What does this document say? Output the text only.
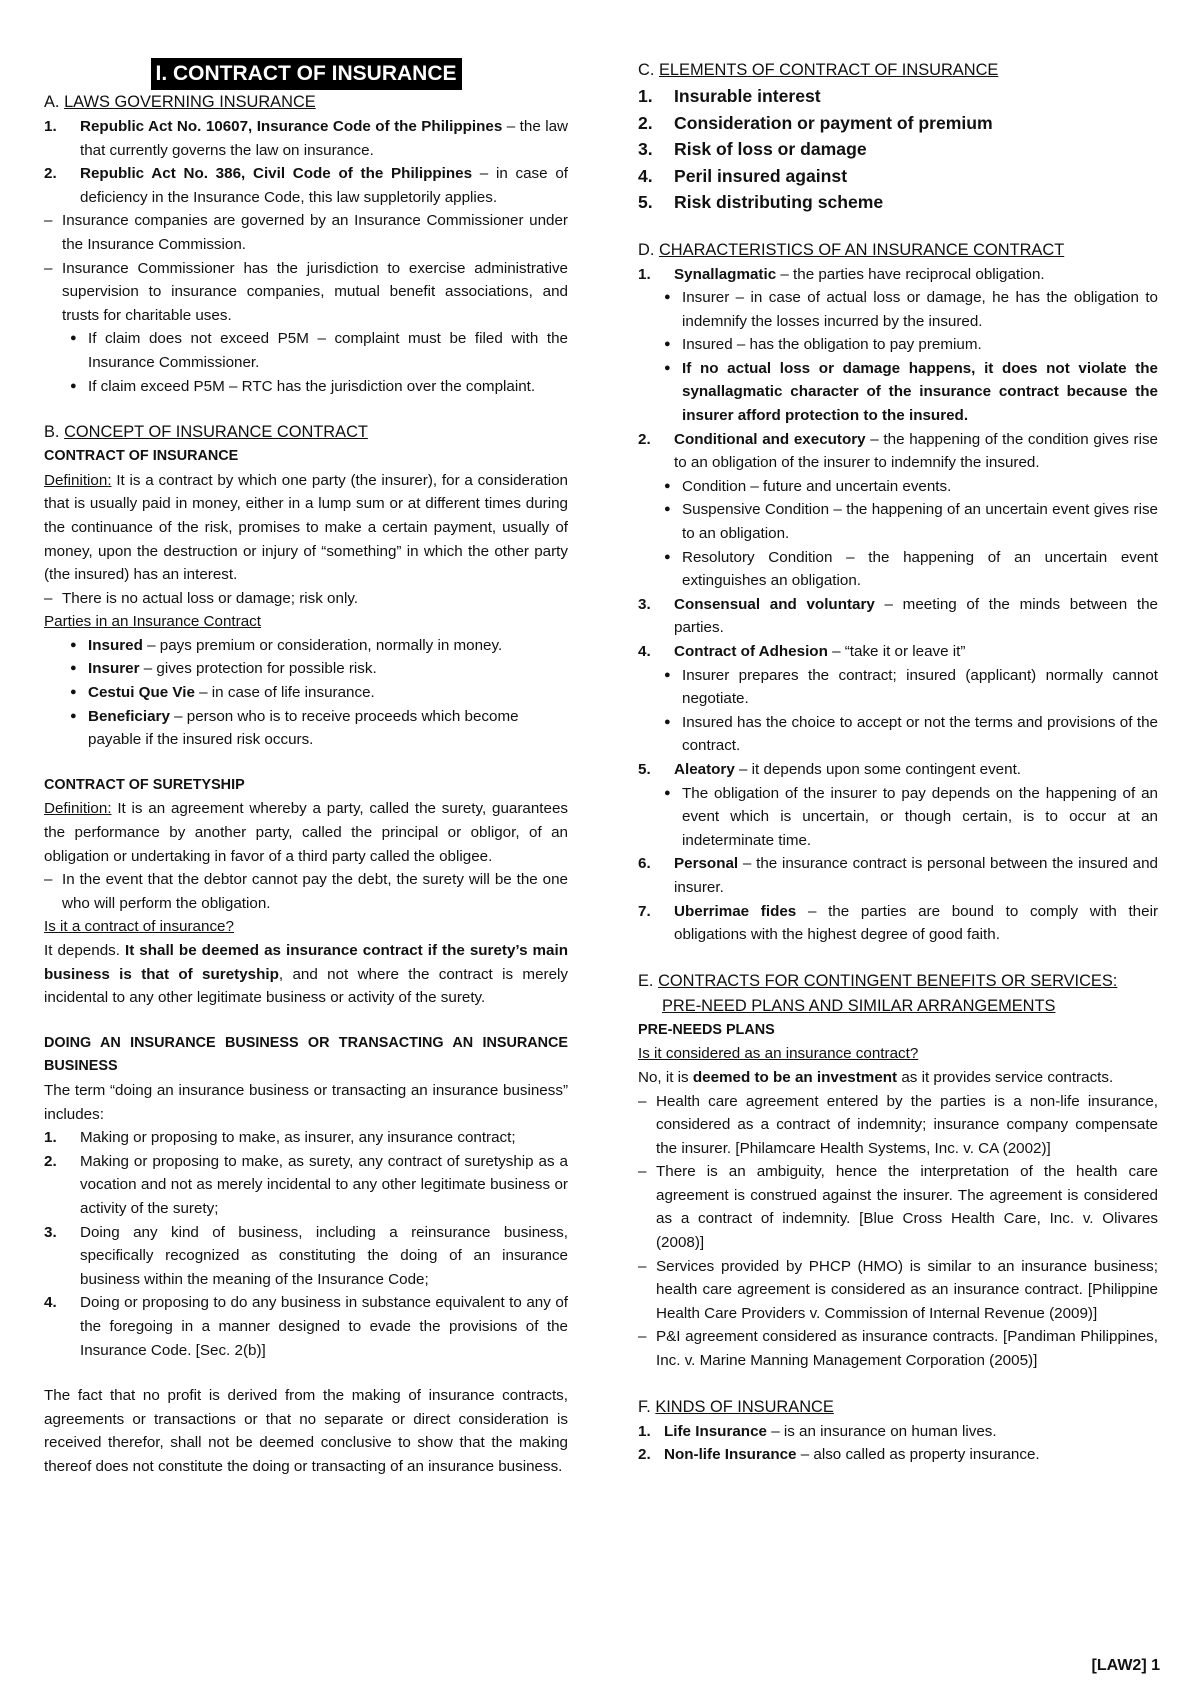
I. CONTRACT OF INSURANCE
A. LAWS GOVERNING INSURANCE
1. Republic Act No. 10607, Insurance Code of the Philippines – the law that currently governs the law on insurance.
2. Republic Act No. 386, Civil Code of the Philippines – in case of deficiency in the Insurance Code, this law suppletorily applies.
– Insurance companies are governed by an Insurance Commissioner under the Insurance Commission.
– Insurance Commissioner has the jurisdiction to exercise administrative supervision to insurance companies, mutual benefit associations, and trusts for charitable uses.
● If claim does not exceed P5M – complaint must be filed with the Insurance Commissioner.
● If claim exceed P5M – RTC has the jurisdiction over the complaint.
B. CONCEPT OF INSURANCE CONTRACT
CONTRACT OF INSURANCE

Definition: It is a contract by which one party (the insurer), for a consideration that is usually paid in money, either in a lump sum or at different times during the continuance of the risk, promises to make a certain payment, usually of money, upon the destruction or injury of “something” in which the other party (the insured) has an interest.

– There is no actual loss or damage; risk only.
Parties in an Insurance Contract
● Insured – pays premium or consideration, normally in money.
● Insurer – gives protection for possible risk.
● Cestui Que Vie – in case of life insurance.
● Beneficiary – person who is to receive proceeds which become payable if the insured risk occurs.
CONTRACT OF SURETYSHIP

Definition: It is an agreement whereby a party, called the surety, guarantees the performance by another party, called the principal or obligor, of an obligation or undertaking in favor of a third party called the obligee.

– In the event that the debtor cannot pay the debt, the surety will be the one who will perform the obligation.
Is it a contract of insurance?

It depends. It shall be deemed as insurance contract if the surety’s main business is that of suretyship, and not where the contract is merely incidental to any other legitimate business or activity of the surety.

DOING AN INSURANCE BUSINESS OR TRANSACTING AN INSURANCE BUSINESS

The term “doing an insurance business or transacting an insurance business” includes:

1. Making or proposing to make, as insurer, any insurance contract;
2. Making or proposing to make, as surety, any contract of suretyship as a vocation and not as merely incidental to any other legitimate business or activity of the surety;
3. Doing any kind of business, including a reinsurance business, specifically recognized as constituting the doing of an insurance business within the meaning of the Insurance Code;
4. Doing or proposing to do any business in substance equivalent to any of the foregoing in a manner designed to evade the provisions of the Insurance Code. [Sec. 2(b)]

The fact that no profit is derived from the making of insurance contracts, agreements or transactions or that no separate or direct consideration is received therefor, shall not be deemed conclusive to show that the making thereof does not constitute the doing or transacting of an insurance business.

C. ELEMENTS OF CONTRACT OF INSURANCE
1. Insurable interest
2. Consideration or payment of premium
3. Risk of loss or damage
4. Peril insured against
5. Risk distributing scheme
D. CHARACTERISTICS OF AN INSURANCE CONTRACT
1. Synallagmatic – the parties have reciprocal obligation.
● Insurer – in case of actual loss or damage, he has the obligation to indemnify the losses incurred by the insured.
● Insured – has the obligation to pay premium.
● If no actual loss or damage happens, it does not violate the synallagmatic character of the insurance contract because the insurer afford protection to the insured.
2. Conditional and executory – the happening of the condition gives rise to an obligation of the insurer to indemnify the insured.
● Condition – future and uncertain events.
● Suspensive Condition – the happening of an uncertain event gives rise to an obligation.
● Resolutory Condition – the happening of an uncertain event extinguishes an obligation.
3. Consensual and voluntary – meeting of the minds between the parties.
4. Contract of Adhesion – “take it or leave it”
● Insurer prepares the contract; insured (applicant) normally cannot negotiate.
● Insured has the choice to accept or not the terms and provisions of the contract.
5. Aleatory – it depends upon some contingent event.
● The obligation of the insurer to pay depends on the happening of an event which is uncertain, or though certain, is to occur at an indeterminate time.
6. Personal – the insurance contract is personal between the insured and insurer.
7. Uberrimae fides – the parties are bound to comply with their obligations with the highest degree of good faith.
E. CONTRACTS FOR CONTINGENT BENEFITS OR SERVICES:
PRE-NEED PLANS AND SIMILAR ARRANGEMENTS
PRE-NEEDS PLANS
Is it considered as an insurance contract?

No, it is deemed to be an investment as it provides service contracts.

– Health care agreement entered by the parties is a non-life insurance, considered as a contract of indemnity; insurance company compensate the insurer. [Philamcare Health Systems, Inc. v. CA (2002)]
– There is an ambiguity, hence the interpretation of the health care agreement is construed against the insurer. The agreement is considered as a contract of indemnity. [Blue Cross Health Care, Inc. v. Olivares (2008)]
– Services provided by PHCP (HMO) is similar to an insurance business; health care agreement is considered as an insurance contract. [Philippine Health Care Providers v. Commission of Internal Revenue (2009)]
– P&I agreement considered as insurance contracts. [Pandiman Philippines, Inc. v. Marine Manning Management Corporation (2005)]
F. KINDS OF INSURANCE
1. Life Insurance – is an insurance on human lives.
2. Non-life Insurance – also called as property insurance.
[LAW2] 1
